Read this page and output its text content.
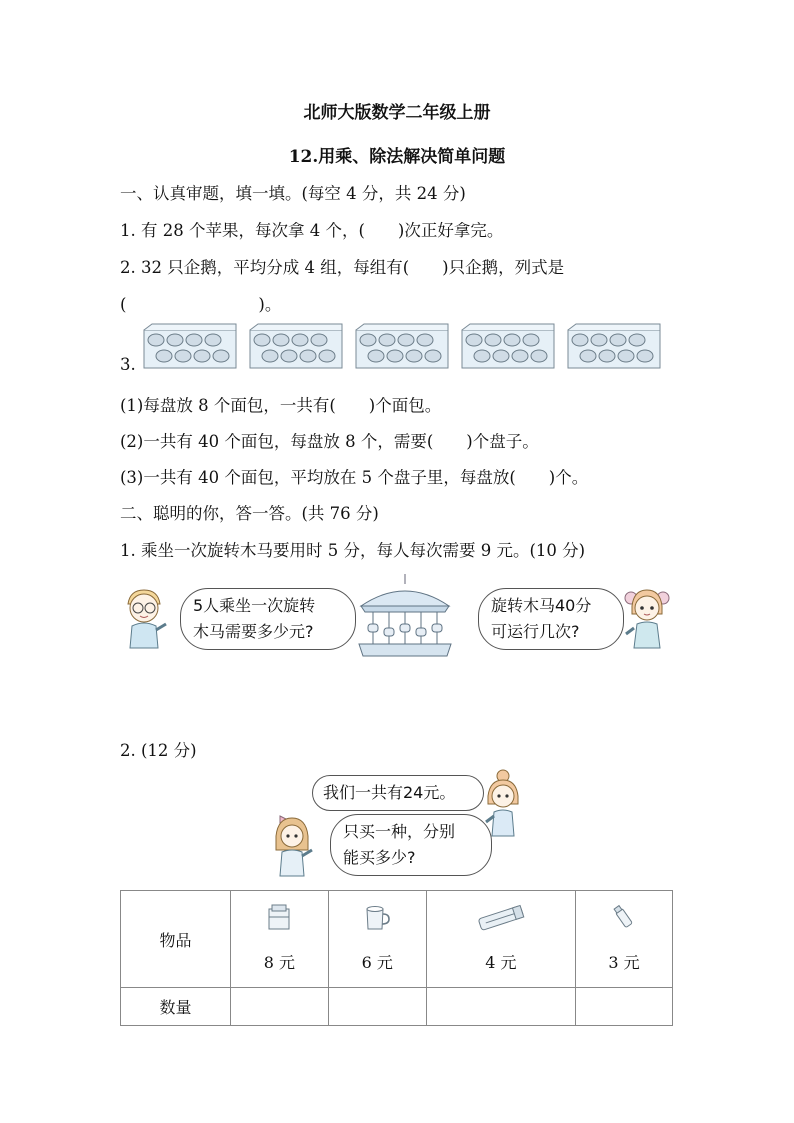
北师大版数学二年级上册
12.用乘、除法解决简单问题
一、认真审题，填一填。(每空 4 分，共 24 分)
1. 有 28 个苹果，每次拿 4 个，(　　)次正好拿完。
2. 32 只企鹅，平均分成 4 组，每组有(　　)只企鹅，列式是
(　　　　　　　　)。
3.
(1)每盘放 8 个面包，一共有(　　)个面包。
(2)一共有 40 个面包，每盘放 8 个，需要(　　)个盘子。
(3)一共有 40 个面包，平均放在 5 个盘子里，每盘放(　　)个。
二、聪明的你，答一答。(共 76 分)
1. 乘坐一次旋转木马要用时 5 分，每人每次需要 9 元。(10 分)
5人乘坐一次旋转
木马需要多少元?
旋转木马40分
可运行几次?
2. (12 分)
我们一共有24元。
只买一种，分别
能买多少?
物品	8 元	6 元	4 元	3 元

数量				
